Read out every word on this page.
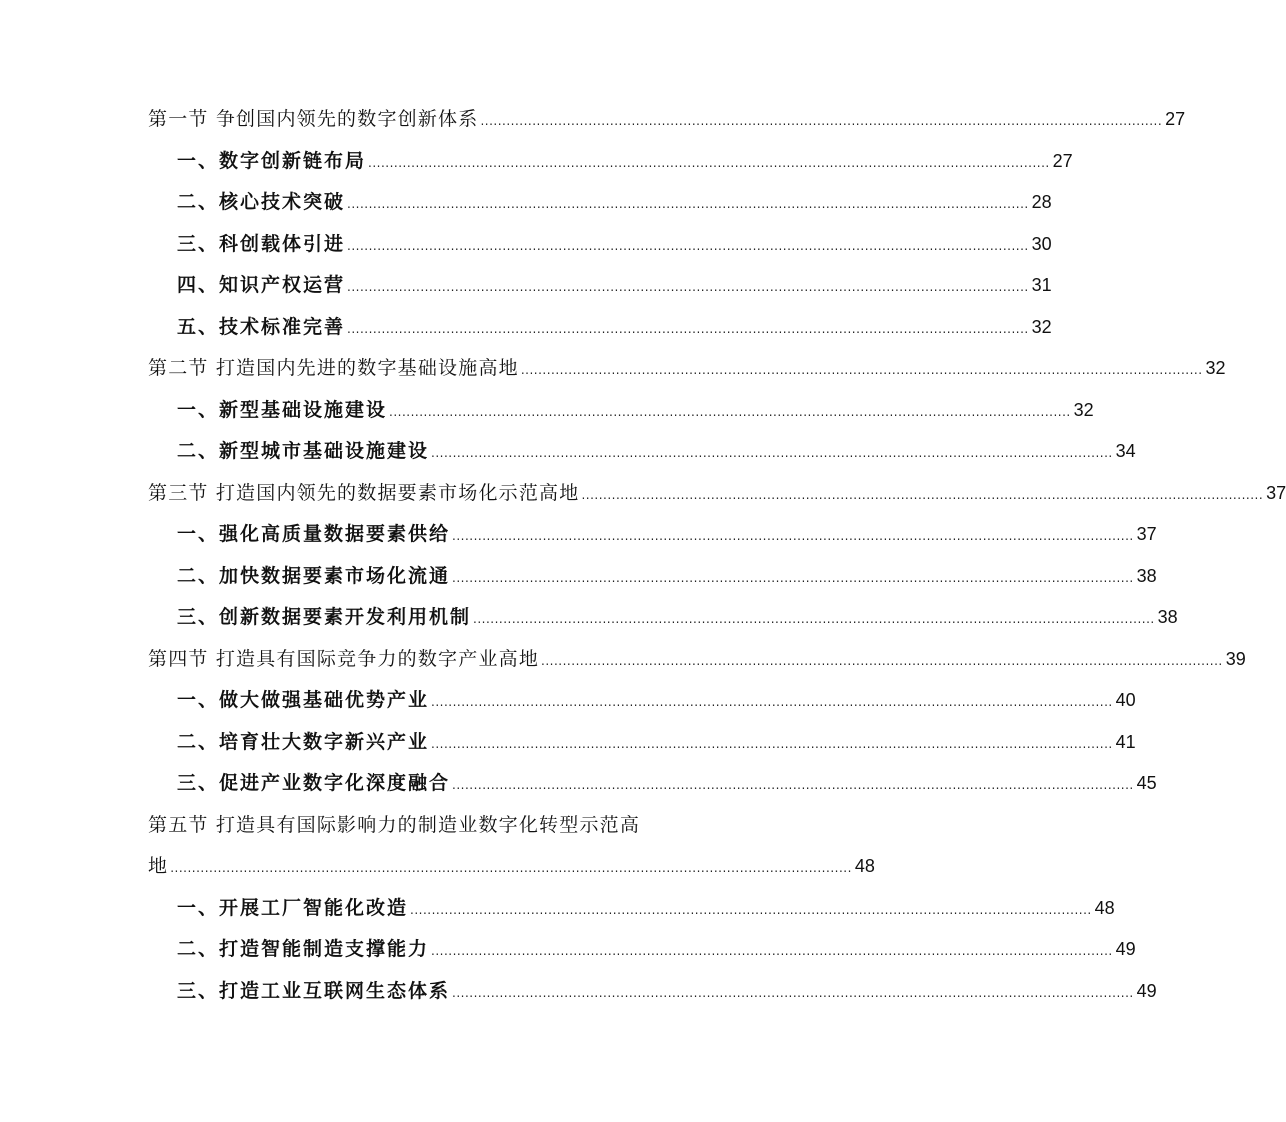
第一节 争创国内领先的数字创新体系 .............................................................................................................................................................. 27
一、数字创新链布局 .............................................................................................................................................................. 27
二、核心技术突破 .............................................................................................................................................................. 28
三、科创载体引进 .............................................................................................................................................................. 30
四、知识产权运营 .............................................................................................................................................................. 31
五、技术标准完善 .............................................................................................................................................................. 32
第二节 打造国内先进的数字基础设施高地 .............................................................................................................................................................. 32
一、新型基础设施建设 .............................................................................................................................................................. 32
二、新型城市基础设施建设 .............................................................................................................................................................. 34
第三节 打造国内领先的数据要素市场化示范高地 .............................................................................................................................................................. 37
一、强化高质量数据要素供给 .............................................................................................................................................................. 37
二、加快数据要素市场化流通 .............................................................................................................................................................. 38
三、创新数据要素开发利用机制 .............................................................................................................................................................. 38
第四节 打造具有国际竞争力的数字产业高地 .............................................................................................................................................................. 39
一、做大做强基础优势产业 .............................................................................................................................................................. 40
二、培育壮大数字新兴产业 .............................................................................................................................................................. 41
三、促进产业数字化深度融合 .............................................................................................................................................................. 45
第五节 打造具有国际影响力的制造业数字化转型示范高
地 .............................................................................................................................................................. 48
一、开展工厂智能化改造 .............................................................................................................................................................. 48
二、打造智能制造支撑能力 .............................................................................................................................................................. 49
三、打造工业互联网生态体系 .............................................................................................................................................................. 49
